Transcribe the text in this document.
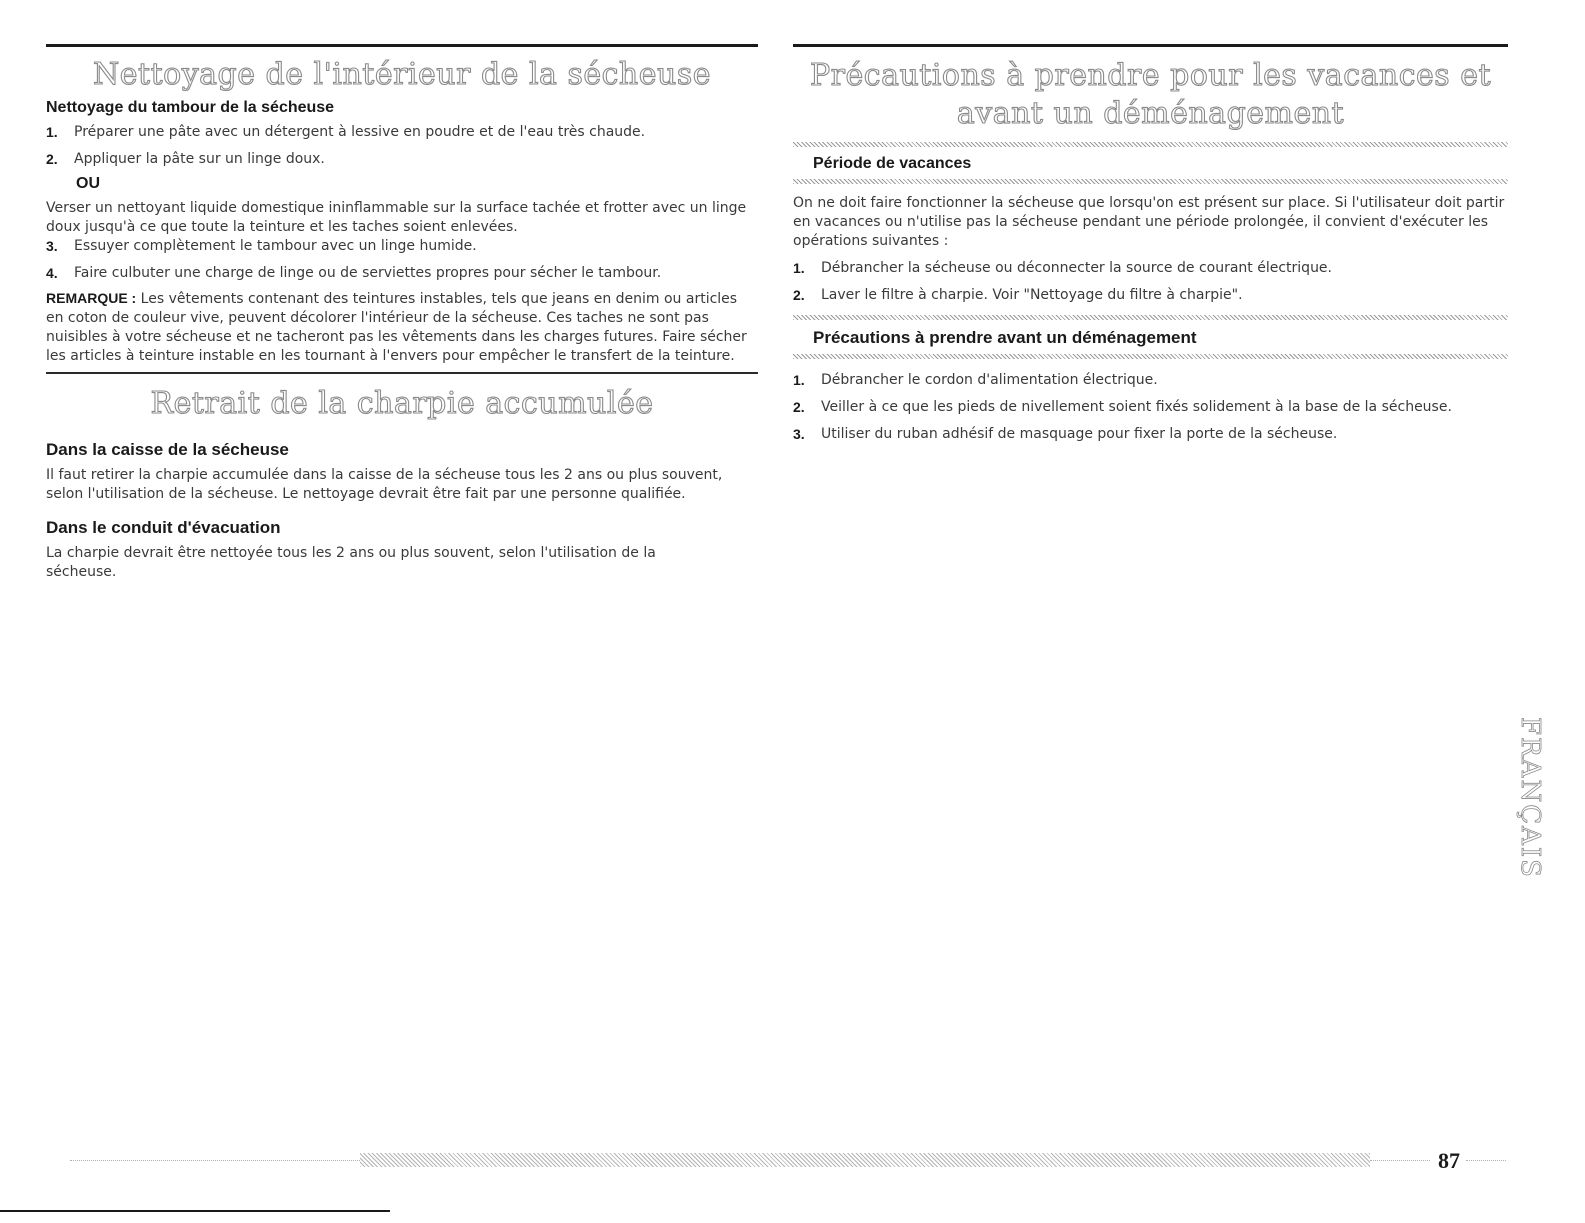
Nettoyage de l'intérieur de la sécheuse
Nettoyage du tambour de la sécheuse
1.	Préparer une pâte avec un détergent à lessive en poudre et de l'eau très chaude.
2.	Appliquer la pâte sur un linge doux.
OU

Verser un nettoyant liquide domestique ininflammable sur la surface tachée et frotter avec un linge doux jusqu'à ce que toute la teinture et les taches soient enlevées.

3.	Essuyer complètement le tambour avec un linge humide.
4.	Faire culbuter une charge de linge ou de serviettes propres pour sécher le tambour.

REMARQUE : Les vêtements contenant des teintures instables, tels que jeans en denim ou articles en coton de couleur vive, peuvent décolorer l'intérieur de la sécheuse. Ces taches ne sont pas nuisibles à votre sécheuse et ne tacheront pas les vêtements dans les charges futures. Faire sécher les articles à teinture instable en les tournant à l'envers pour empêcher le transfert de la teinture.

Retrait de la charpie accumulée
Dans la caisse de la sécheuse

Il faut retirer la charpie accumulée dans la caisse de la sécheuse tous les 2 ans ou plus souvent, selon l'utilisation de la sécheuse. Le nettoyage devrait être fait par une personne qualifiée.

Dans le conduit d'évacuation

La charpie devrait être nettoyée tous les 2 ans ou plus souvent, selon l'utilisation de la sécheuse.

Précautions à prendre pour les vacances et avant un déménagement
Période de vacances

On ne doit faire fonctionner la sécheuse que lorsqu'on est présent sur place. Si l'utilisateur doit partir en vacances ou n'utilise pas la sécheuse pendant une période prolongée, il convient d'exécuter les opérations suivantes :

1.	Débrancher la sécheuse ou déconnecter la source de courant électrique.
2.	Laver le filtre à charpie. Voir "Nettoyage du filtre à charpie".
Précautions à prendre avant un déménagement
1.	Débrancher le cordon d'alimentation électrique.
2.	Veiller à ce que les pieds de nivellement soient fixés solidement à la base de la sécheuse.
3.	Utiliser du ruban adhésif de masquage pour fixer la porte de la sécheuse.
FRANÇAIS
87
